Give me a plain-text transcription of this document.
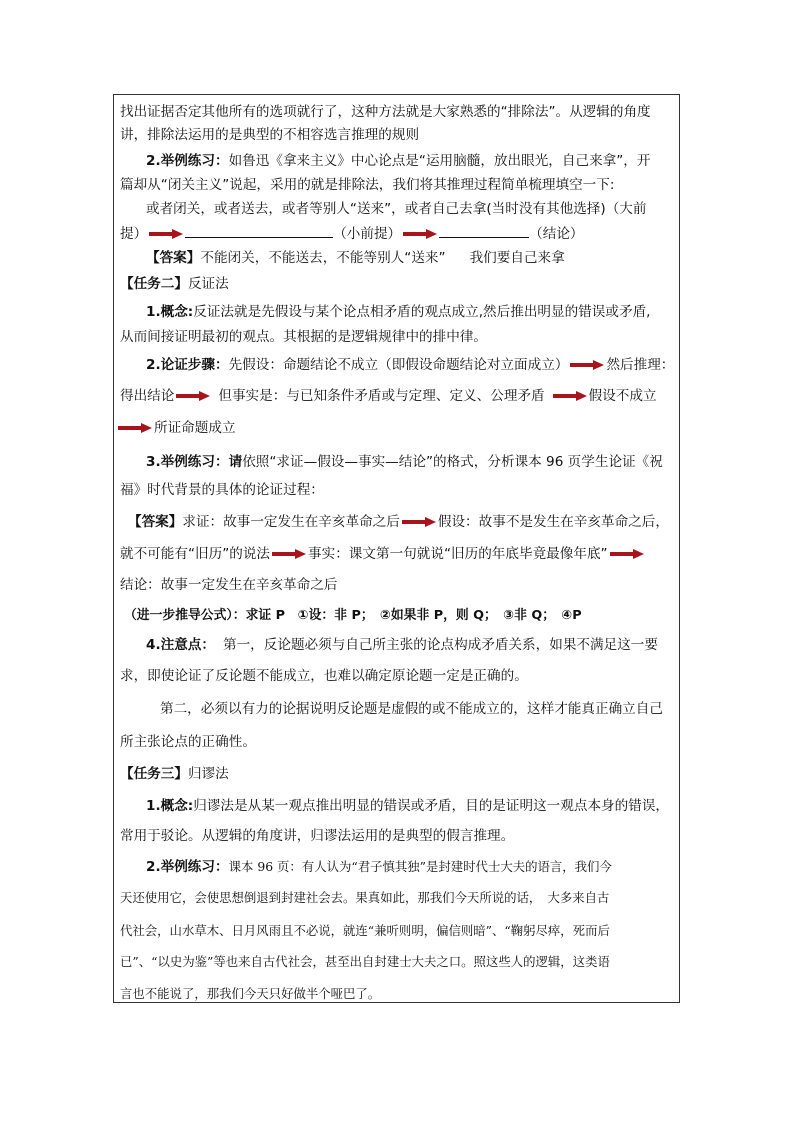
找出证据否定其他所有的选项就行了，这种方法就是大家熟悉的“排除法”。从逻辑的角度
讲，排除法运用的是典型的不相容选言推理的规则
2.举例练习：如鲁迅《拿来主义》中心论点是“运用脑髓，放出眼光，自己来拿”，开
篇却从“闭关主义”说起，采用的就是排除法，我们将其推理过程简单梳理填空一下:
或者闭关，或者送去，或者等别人“送来”，或者自己去拿(当时没有其他选择)（大前
提）	（小前提）	（结论）
【答案】不能闭关，不能送去，不能等别人“送来” 我们要自己来拿
【任务二】反证法
1.概念:反证法就是先假设与某个论点相矛盾的观点成立,然后推出明显的错误或矛盾,
从而间接证明最初的观点。其根据的是逻辑规律中的排中律。
2.论证步骤：先假设：命题结论不成立（即假设命题结论对立面成立）	然后推理：
得出结论	但事实是：与已知条件矛盾或与定理、定义、公理矛盾	假设不成立
所证命题成立
3.举例练习：请依照“求证—假设—事实—结论”的格式，分析课本 96 页学生论证《祝
福》时代背景的具体的论证过程：
【答案】求证：故事一定发生在辛亥革命之后	假设：故事不是发生在辛亥革命之后，
就不可能有“旧历”的说法	事实：课文第一句就说“旧历的年底毕竟最像年底”
结论：故事一定发生在辛亥革命之后
（进一步推导公式）：求证 P　①设：非 P；　②如果非 P，则 Q；　③非 Q；　④P
4.注意点： 第一，反论题必须与自己所主张的论点构成矛盾关系，如果不满足这一要
求，即使论证了反论题不能成立，也难以确定原论题一定是正确的。
第二，必须以有力的论据说明反论题是虚假的或不能成立的，这样才能真正确立自己
所主张论点的正确性。
【任务三】归谬法
1.概念:归谬法是从某一观点推出明显的错误或矛盾，目的是证明这一观点本身的错误，
常用于驳论。从逻辑的角度讲，归谬法运用的是典型的假言推理。
2.举例练习：课本 96 页：有人认为“君子慎其独”是封建时代士大夫的语言，我们今
天还使用它，会使思想倒退到封建社会去。果真如此，那我们今天所说的话，　大多来自古
代社会，山水草木、日月风雨且不必说，就连“兼听则明，偏信则暗”、“鞠躬尽瘁，死而后
已”、“以史为鉴”等也来自古代社会，甚至出自封建士大夫之口。照这些人的逻辑，这类语
言也不能说了，那我们今天只好做半个哑巴了。
